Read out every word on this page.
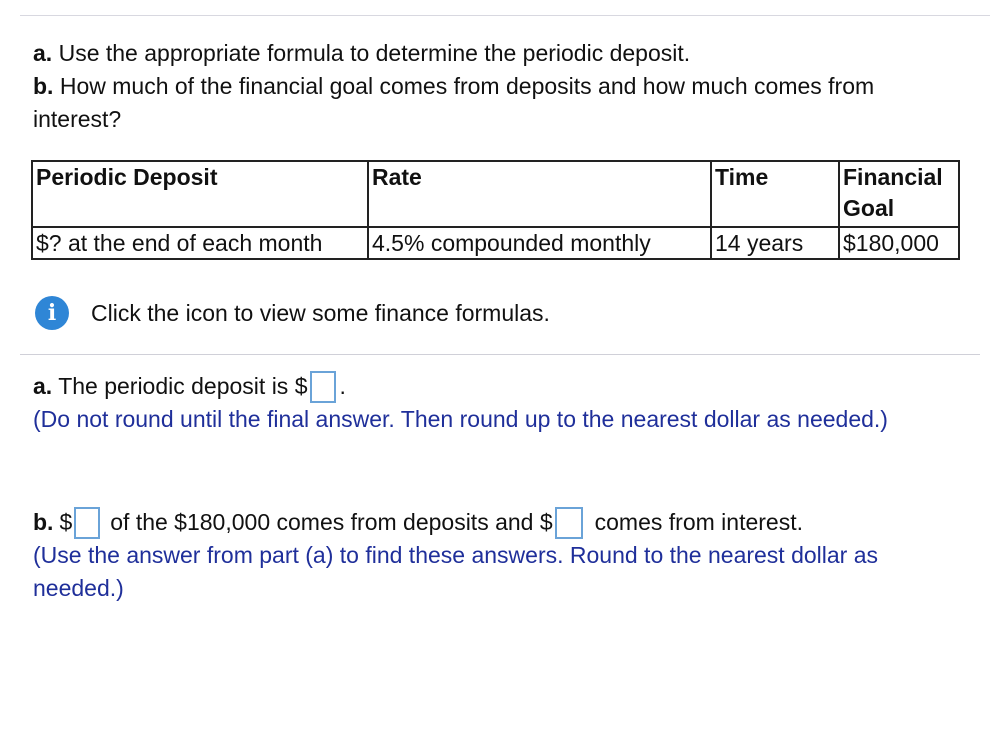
a. Use the appropriate formula to determine the periodic deposit.
b. How much of the financial goal comes from deposits and how much comes from interest?
Periodic Deposit	Rate	Time	Financial Goal
$? at the end of each month	4.5% compounded monthly	14 years	$180,000
i	Click the icon to view some finance formulas.
a. The periodic deposit is $ .
(Do not round until the final answer. Then round up to the nearest dollar as needed.)
b. $ of the $180,000 comes from deposits and $ comes from interest.
(Use the answer from part (a) to find these answers. Round to the nearest dollar as needed.)
